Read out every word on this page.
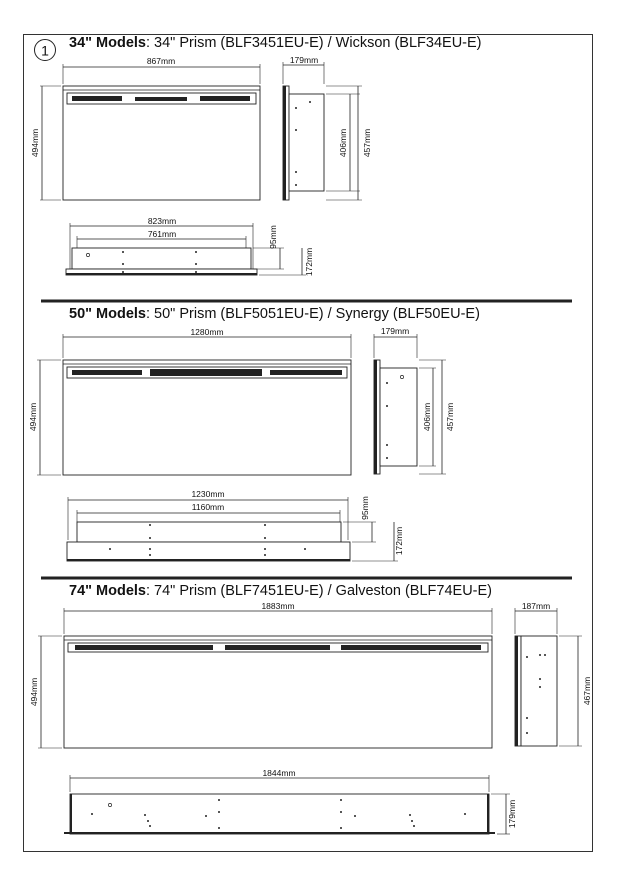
1 34" Models: 34" Prism (BLF3451EU-E) / Wickson (BLF34EU-E)
867mm
494mm
179mm
406mm 457mm
823mm
761mm	95mm
172mm
50" Models: 50" Prism (BLF5051EU-E) / Synergy (BLF50EU-E)
1280mm
494mm
179mm
406mm 457mm
1230mm
1160mm	95mm
172mm
74" Models: 74" Prism (BLF7451EU-E) / Galveston (BLF74EU-E)
1883mm
494mm
187mm
467mm
1844mm
179mm
